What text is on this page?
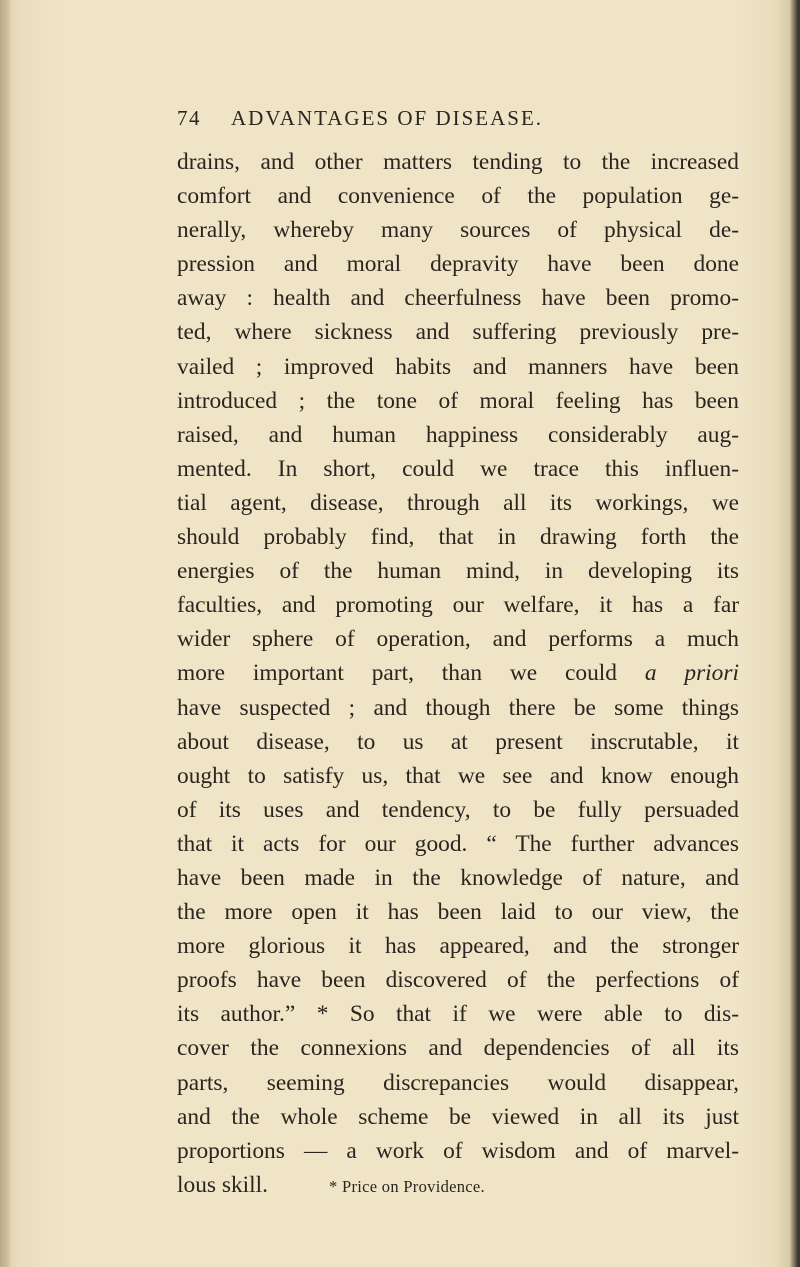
74 ADVANTAGES OF DISEASE.
drains, and other matters tending to the increased
comfort and convenience of the population ge-
nerally, whereby many sources of physical de-
pression and moral depravity have been done
away : health and cheerfulness have been promo-
ted, where sickness and suffering previously pre-
vailed ; improved habits and manners have been
introduced ; the tone of moral feeling has been
raised, and human happiness considerably aug-
mented. In short, could we trace this influen-
tial agent, disease, through all its workings, we
should probably find, that in drawing forth the
energies of the human mind, in developing its
faculties, and promoting our welfare, it has a far
wider sphere of operation, and performs a much
more important part, than we could a priori
have suspected ; and though there be some things
about disease, to us at present inscrutable, it
ought to satisfy us, that we see and know enough
of its uses and tendency, to be fully persuaded
that it acts for our good. “ The further advances
have been made in the knowledge of nature, and
the more open it has been laid to our view, the
more glorious it has appeared, and the stronger
proofs have been discovered of the perfections of
its author.” * So that if we were able to dis-
cover the connexions and dependencies of all its
parts, seeming discrepancies would disappear,
and the whole scheme be viewed in all its just
proportions — a work of wisdom and of marvel-
lous skill.	* Price on Providence.
